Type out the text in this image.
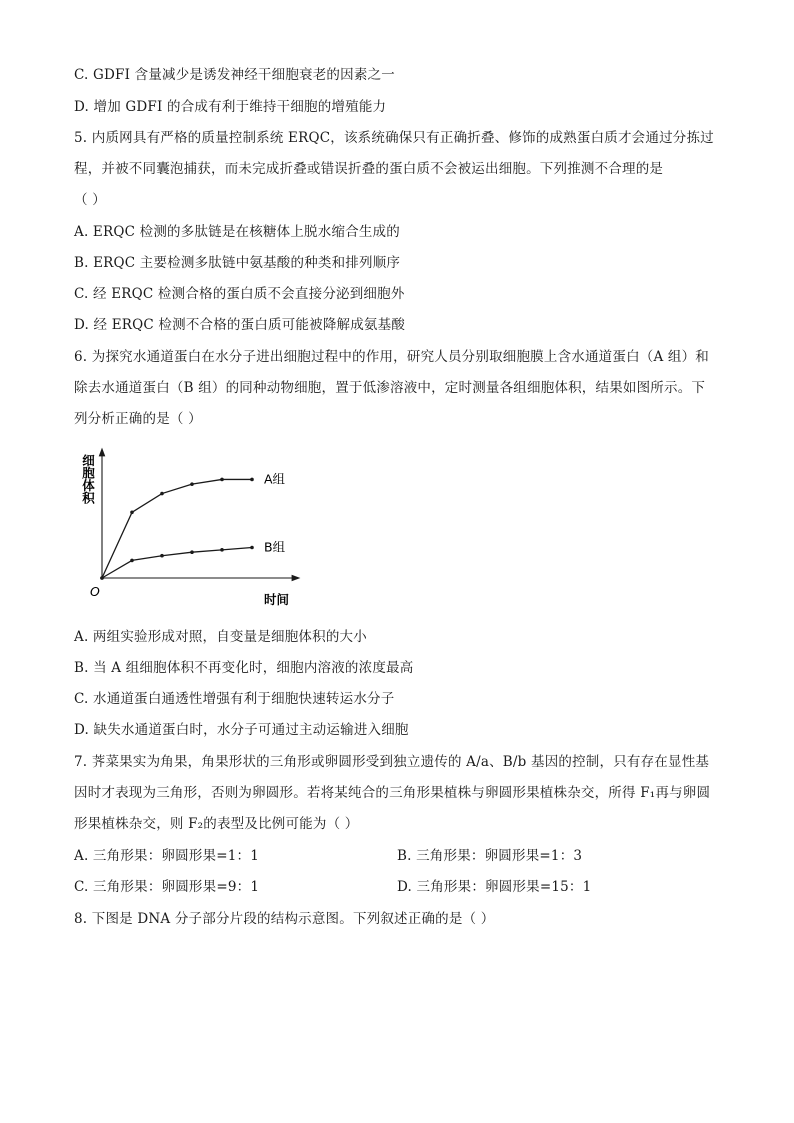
C. GDFI 含量减少是诱发神经干细胞衰老的因素之一
D. 增加 GDFI 的合成有利于维持干细胞的增殖能力
5. 内质网具有严格的质量控制系统 ERQC，该系统确保只有正确折叠、修饰的成熟蛋白质才会通过分拣过
程，并被不同囊泡捕获，而未完成折叠或错误折叠的蛋白质不会被运出细胞。下列推测不合理的是
（ ）
A. ERQC 检测的多肽链是在核糖体上脱水缩合生成的
B. ERQC 主要检测多肽链中氨基酸的种类和排列顺序
C. 经 ERQC 检测合格的蛋白质不会直接分泌到细胞外
D. 经 ERQC 检测不合格的蛋白质可能被降解成氨基酸
6. 为探究水通道蛋白在水分子进出细胞过程中的作用，研究人员分别取细胞膜上含水通道蛋白（A 组）和
除去水通道蛋白（B 组）的同种动物细胞，置于低渗溶液中，定时测量各组细胞体积，结果如图所示。下
列分析正确的是（ ）
A. 两组实验形成对照，自变量是细胞体积的大小
B. 当 A 组细胞体积不再变化时，细胞内溶液的浓度最高
C. 水通道蛋白通透性增强有利于细胞快速转运水分子
D. 缺失水通道蛋白时，水分子可通过主动运输进入细胞
7. 荠菜果实为角果，角果形状的三角形或卵圆形受到独立遗传的 A/a、B/b 基因的控制，只有存在显性基
因时才表现为三角形，否则为卵圆形。若将某纯合的三角形果植株与卵圆形果植株杂交，所得 F₁再与卵圆
形果植株杂交，则 F₂的表型及比例可能为（ ）
A. 三角形果：卵圆形果=1：1	B. 三角形果：卵圆形果=1：3
C. 三角形果：卵圆形果=9：1	D. 三角形果：卵圆形果=15：1
8. 下图是 DNA 分子部分片段的结构示意图。下列叙述正确的是（ ）
细胞体积
时间
O
A组
B组
